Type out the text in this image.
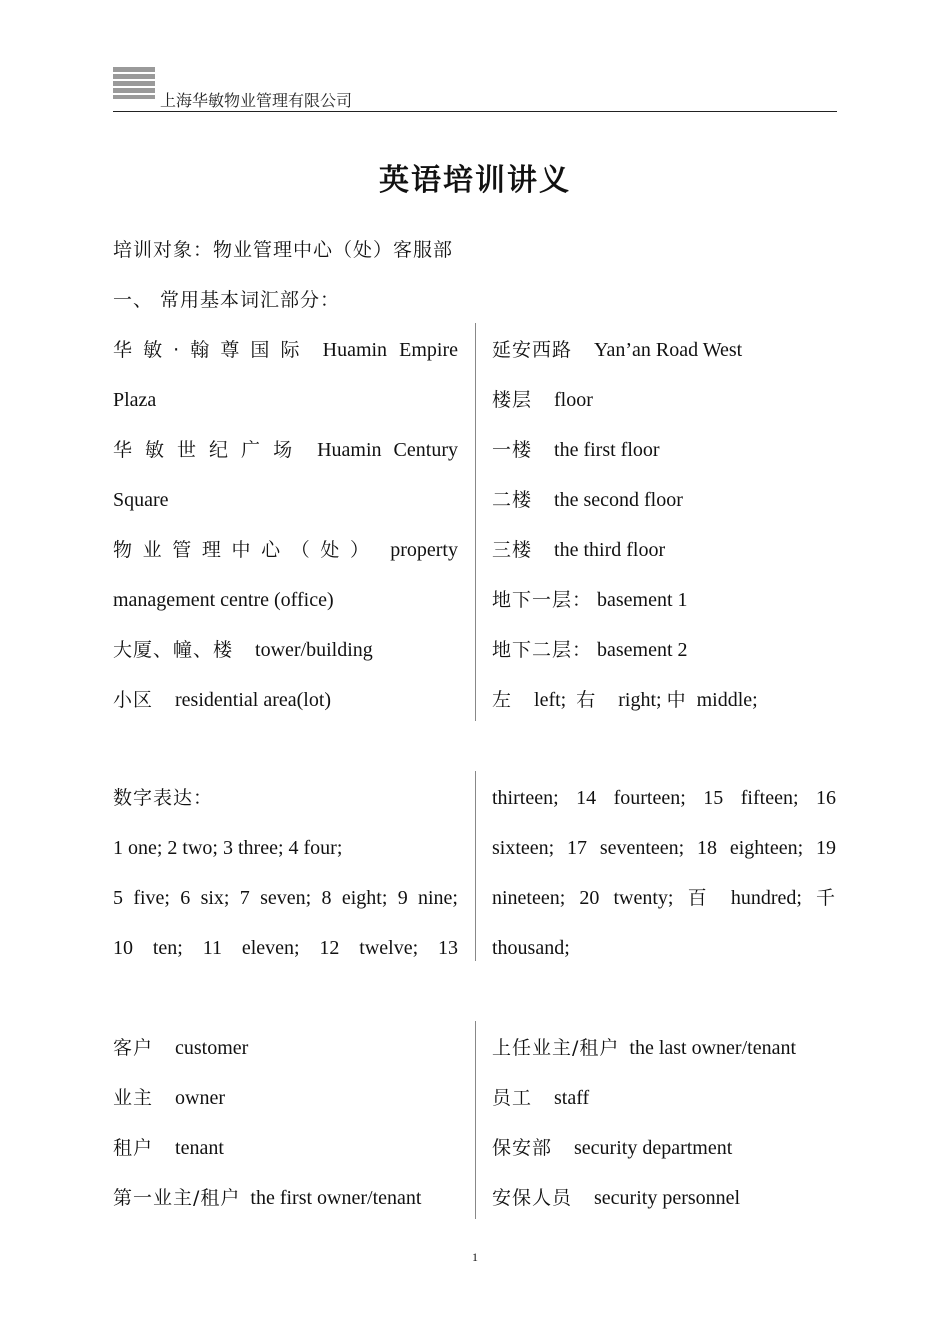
上海华敏物业管理有限公司
英语培训讲义
培训对象：物业管理中心（处）客服部
一、 常用基本词汇部分：
华敏·翰尊国际 Huamin Empire
Plaza
华敏世纪广场 Huamin Century
Square
物业管理中心（处） property
management centre (office)
大厦、幢、楼 tower/building
小区 residential area(lot)
延安西路 Yan’an Road West
楼层 floor
一楼 the first floor
二楼 the second floor
三楼 the third floor
地下一层： basement 1
地下二层： basement 2
左 left; 右 right; 中 middle;
数字表达：
1 one; 2 two; 3 three; 4 four;
5 five; 6 six; 7 seven; 8 eight; 9 nine;
10 ten; 11 eleven; 12 twelve; 13
thirteen; 14 fourteen; 15 fifteen; 16
sixteen; 17 seventeen; 18 eighteen; 19
nineteen; 20 twenty; 百 hundred; 千
thousand;
客户 customer
业主 owner
租户 tenant
第一业主/租户 the first owner/tenant
上任业主/租户 the last owner/tenant
员工 staff
保安部 security department
安保人员 security personnel
1
